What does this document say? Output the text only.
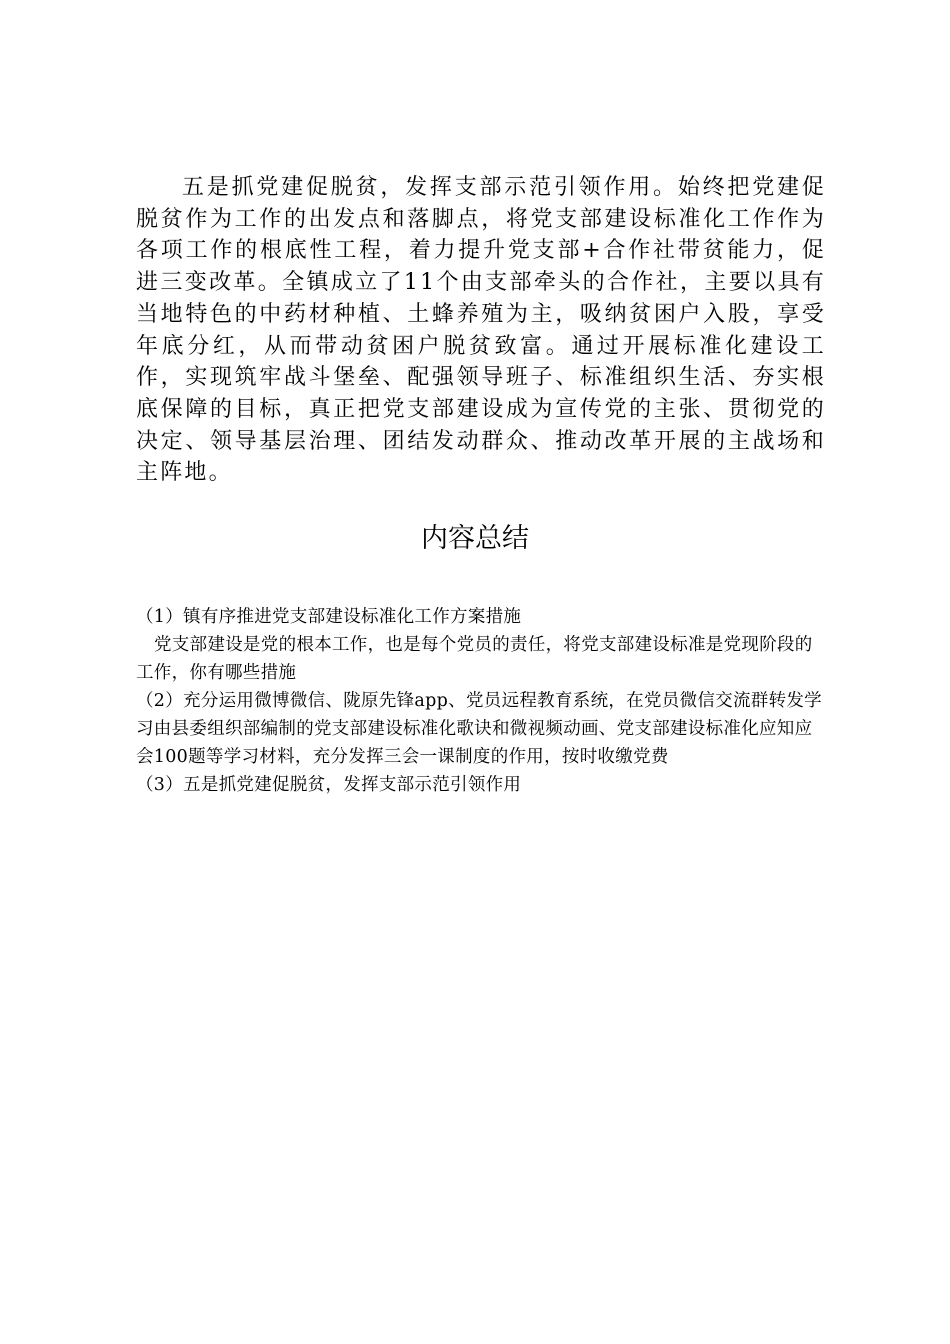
五是抓党建促脱贫，发挥支部示范引领作用。始终把党建促脱贫作为工作的出发点和落脚点，将党支部建设标准化工作作为各项工作的根底性工程，着力提升党支部+合作社带贫能力，促进三变改革。全镇成立了11个由支部牵头的合作社，主要以具有当地特色的中药材种植、土蜂养殖为主，吸纳贫困户入股，享受年底分红，从而带动贫困户脱贫致富。通过开展标准化建设工作，实现筑牢战斗堡垒、配强领导班子、标准组织生活、夯实根底保障的目标，真正把党支部建设成为宣传党的主张、贯彻党的决定、领导基层治理、团结发动群众、推动改革开展的主战场和主阵地。

内容总结

（1）镇有序推进党支部建设标准化工作方案措施

党支部建设是党的根本工作，也是每个党员的责任，将党支部建设标准是党现阶段的工作，你有哪些措施

（2）充分运用微博微信、陇原先锋app、党员远程教育系统，在党员微信交流群转发学习由县委组织部编制的党支部建设标准化歌诀和微视频动画、党支部建设标准化应知应会100题等学习材料，充分发挥三会一课制度的作用，按时收缴党费

（3）五是抓党建促脱贫，发挥支部示范引领作用
